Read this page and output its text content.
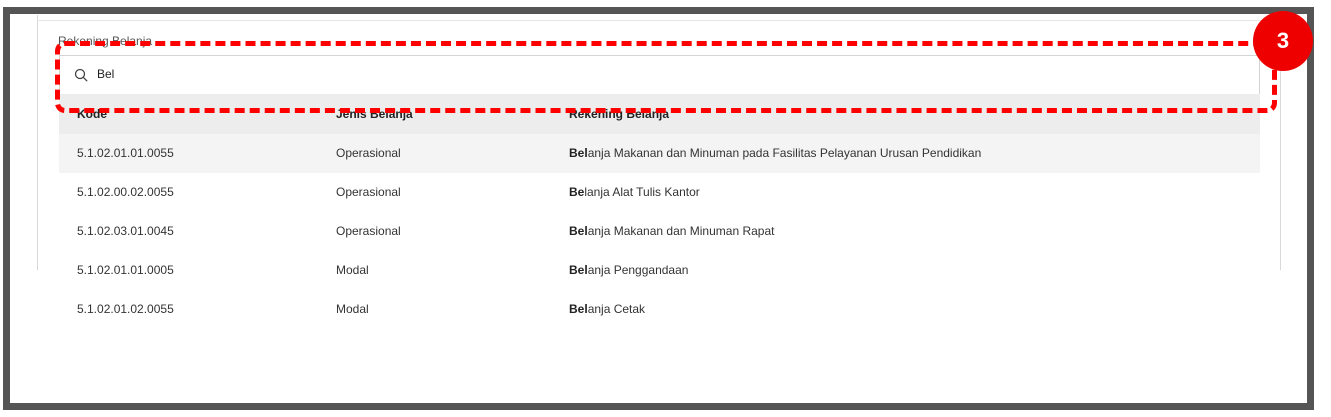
Rekening Belanja
Bel
Kode	Jenis Belanja	Rekening Belanja
5.1.02.01.01.0055	Operasional	Belanja Makanan dan Minuman pada Fasilitas Pelayanan Urusan Pendidikan
5.1.02.00.02.0055	Operasional	Belanja Alat Tulis Kantor
5.1.02.03.01.0045	Operasional	Belanja Makanan dan Minuman Rapat
5.1.02.01.01.0005	Modal	Belanja Penggandaan
5.1.02.01.02.0055	Modal	Belanja Cetak
3
